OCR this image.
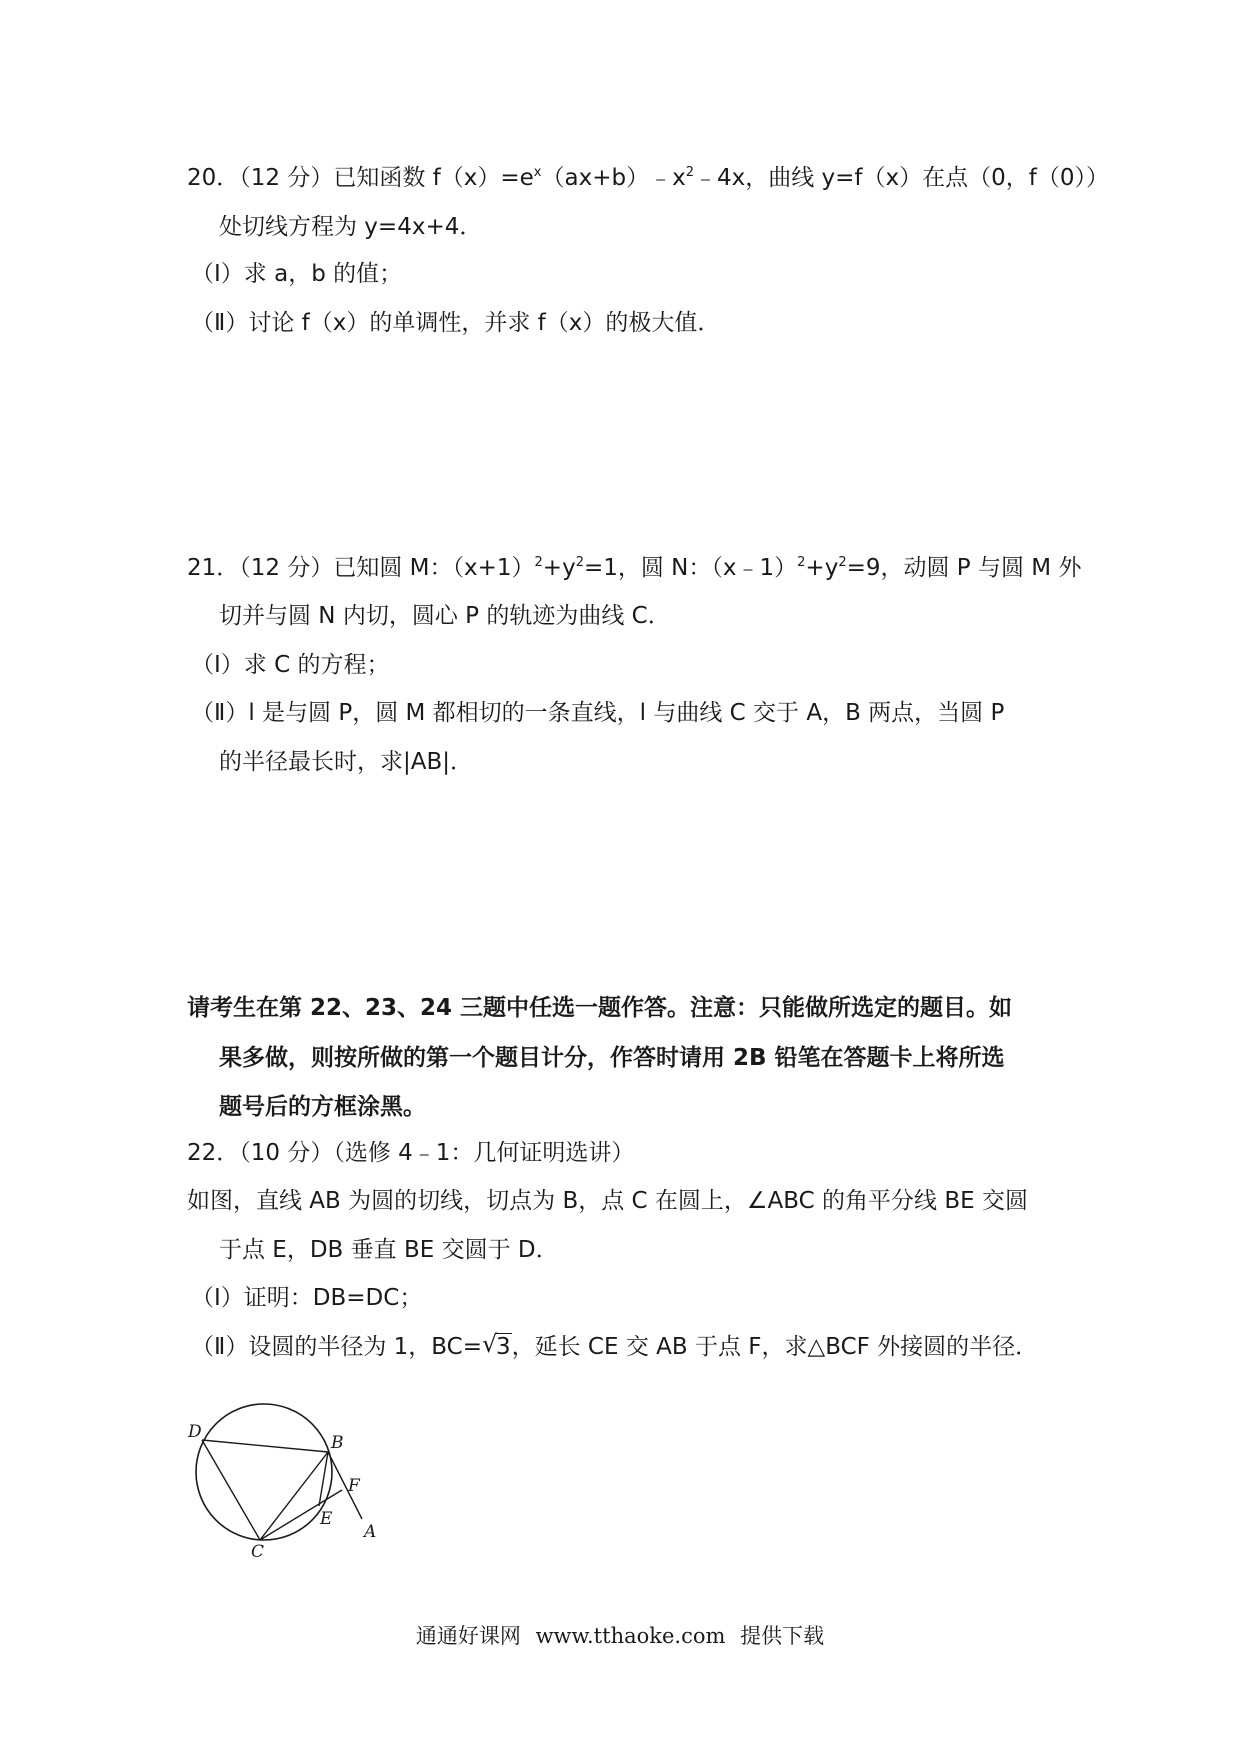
20．（12 分）已知函数 $f(x)=e^x(ax+b)﹣x^2﹣4x$，曲线 y=f（x）在点（0，f（0））
处切线方程为 y=4x+4．
（Ⅰ）求 a，b 的值；
（Ⅱ）讨论 f（x）的单调性，并求 f（x）的极大值．
21．（12 分）已知圆 M：$(x+1)^2+y^2=1$，圆 N：$(x﹣1)^2+y^2=9$，动圆 P 与圆 M 外
切并与圆 N 内切，圆心 P 的轨迹为曲线 C．
（Ⅰ）求 C 的方程；
（Ⅱ）l 是与圆 P，圆 M 都相切的一条直线，l 与曲线 C 交于 A，B 两点，当圆 P
的半径最长时，求|AB|．
请考生在第 22、23、24 三题中任选一题作答。注意：只能做所选定的题目。如
果多做，则按所做的第一个题目计分，作答时请用 2B 铅笔在答题卡上将所选
题号后的方框涂黑。
22．（10 分）（选修 4﹣1：几何证明选讲）
如图，直线 AB 为圆的切线，切点为 B，点 C 在圆上，∠ABC 的角平分线 BE 交圆
于点 E，DB 垂直 BE 交圆于 D．
（Ⅰ）证明：DB=DC；
（Ⅱ）设圆的半径为 1，BC= √
3，延长 CE 交 AB 于点 F，求△BCF 外接圆的半径．
D
B
F
E
A
C
通通好课网 www.tthaoke.com 提供下载
